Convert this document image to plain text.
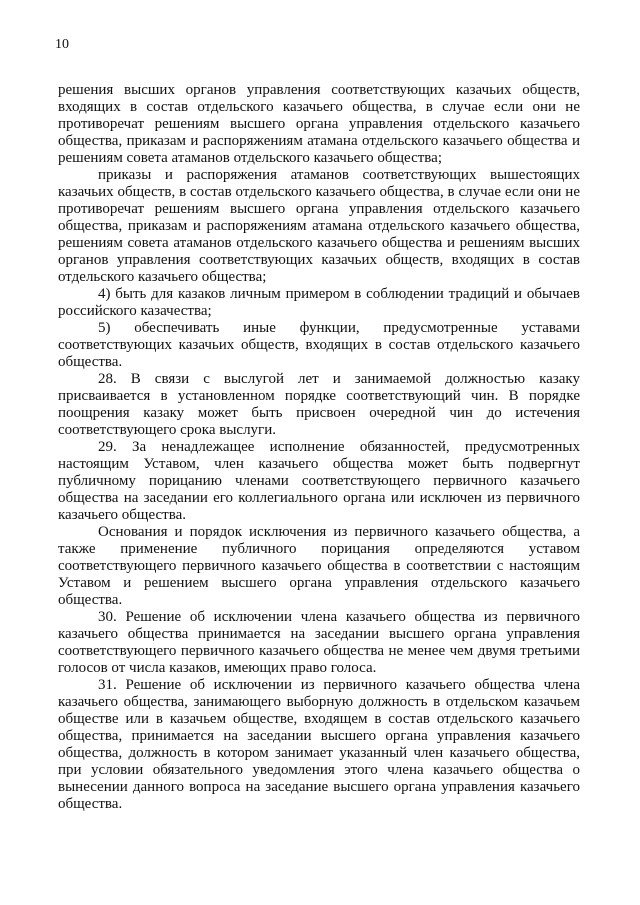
10

решения высших органов управления соответствующих казачьих обществ, входящих в состав отдельского казачьего общества, в случае если они не противоречат решениям высшего органа управления отдельского казачьего общества, приказам и распоряжениям атамана отдельского казачьего общества и решениям совета атаманов отдельского казачьего общества;

приказы и распоряжения атаманов соответствующих вышестоящих казачьих обществ, в состав отдельского казачьего общества, в случае если они не противоречат решениям высшего органа управления отдельского казачьего общества, приказам и распоряжениям атамана отдельского казачьего общества, решениям совета атаманов отдельского казачьего общества и решениям высших органов управления соответствующих казачьих обществ, входящих в состав отдельского казачьего общества;

4) быть для казаков личным примером в соблюдении традиций и обычаев российского казачества;

5) обеспечивать иные функции, предусмотренные уставами соответствующих казачьих обществ, входящих в состав отдельского казачьего общества.

28. В связи с выслугой лет и занимаемой должностью казаку присваивается в установленном порядке соответствующий чин. В порядке поощрения казаку может быть присвоен очередной чин до истечения соответствующего срока выслуги.

29. За ненадлежащее исполнение обязанностей, предусмотренных настоящим Уставом, член казачьего общества может быть подвергнут публичному порицанию членами соответствующего первичного казачьего общества на заседании его коллегиального органа или исключен из первичного казачьего общества.

Основания и порядок исключения из первичного казачьего общества, а также применение публичного порицания определяются уставом соответствующего первичного казачьего общества в соответствии с настоящим Уставом и решением высшего органа управления отдельского казачьего общества.

30. Решение об исключении члена казачьего общества из первичного казачьего общества принимается на заседании высшего органа управления соответствующего первичного казачьего общества не менее чем двумя третьими голосов от числа казаков, имеющих право голоса.

31. Решение об исключении из первичного казачьего общества члена казачьего общества, занимающего выборную должность в отдельском казачьем обществе или в казачьем обществе, входящем в состав отдельского казачьего общества, принимается на заседании высшего органа управления казачьего общества, должность в котором занимает указанный член казачьего общества, при условии обязательного уведомления этого члена казачьего общества о вынесении данного вопроса на заседание высшего органа управления казачьего общества.
